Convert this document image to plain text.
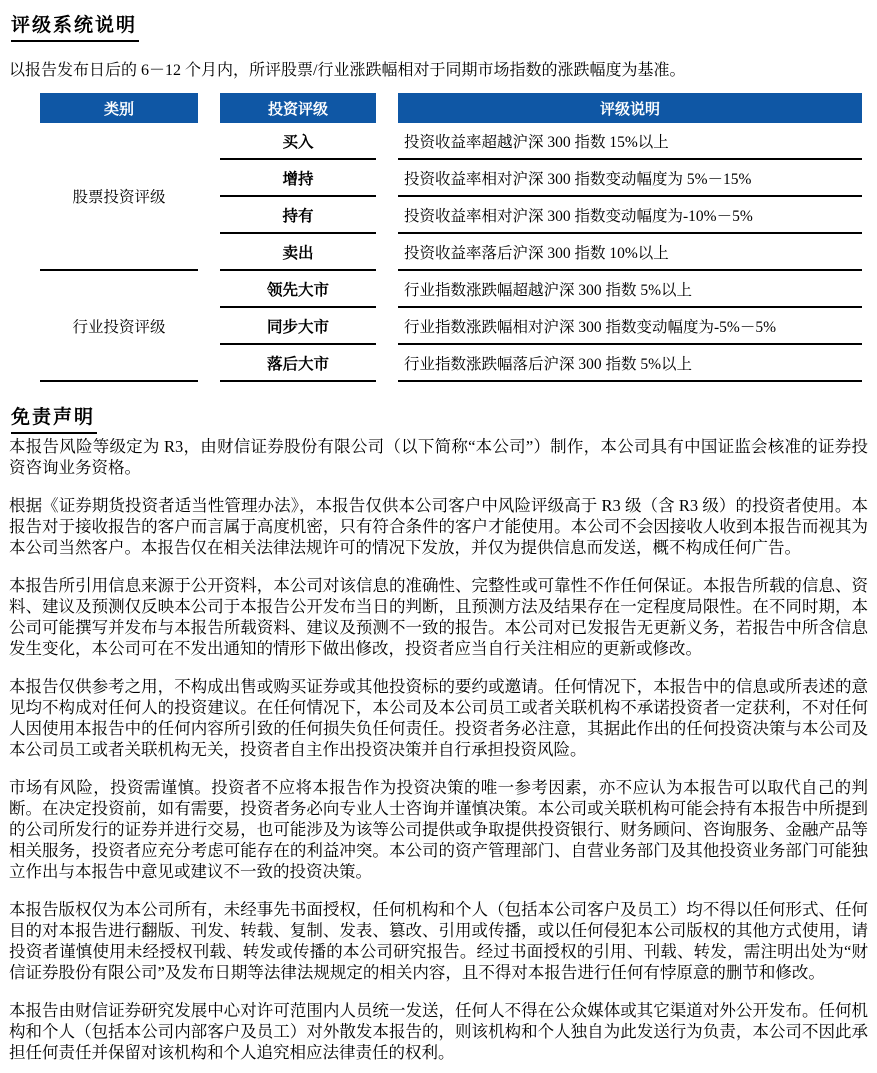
评级系统说明

以报告发布日后的 6－12 个月内，所评股票/行业涨跌幅相对于同期市场指数的涨跌幅度为基准。

类别		投资评级		评级说明
股票投资评级		买入		投资收益率超越沪深 300 指数 15%以上
		增持		投资收益率相对沪深 300 指数变动幅度为 5%－15%
		持有		投资收益率相对沪深 300 指数变动幅度为-10%－5%
		卖出		投资收益率落后沪深 300 指数 10%以上
行业投资评级		领先大市		行业指数涨跌幅超越沪深 300 指数 5%以上
		同步大市		行业指数涨跌幅相对沪深 300 指数变动幅度为-5%－5%
		落后大市		行业指数涨跌幅落后沪深 300 指数 5%以上
免责声明

本报告风险等级定为 R3，由财信证券股份有限公司（以下简称“本公司”）制作，本公司具有中国证监会核准的证券投资咨询业务资格。

根据《证券期货投资者适当性管理办法》，本报告仅供本公司客户中风险评级高于 R3 级（含 R3 级）的投资者使用。本报告对于接收报告的客户而言属于高度机密，只有符合条件的客户才能使用。本公司不会因接收人收到本报告而视其为本公司当然客户。本报告仅在相关法律法规许可的情况下发放，并仅为提供信息而发送，概不构成任何广告。

本报告所引用信息来源于公开资料，本公司对该信息的准确性、完整性或可靠性不作任何保证。本报告所载的信息、资料、建议及预测仅反映本公司于本报告公开发布当日的判断，且预测方法及结果存在一定程度局限性。在不同时期，本公司可能撰写并发布与本报告所载资料、建议及预测不一致的报告。本公司对已发报告无更新义务，若报告中所含信息发生变化，本公司可在不发出通知的情形下做出修改，投资者应当自行关注相应的更新或修改。

本报告仅供参考之用，不构成出售或购买证券或其他投资标的要约或邀请。任何情况下，本报告中的信息或所表述的意见均不构成对任何人的投资建议。在任何情况下，本公司及本公司员工或者关联机构不承诺投资者一定获利，不对任何人因使用本报告中的任何内容所引致的任何损失负任何责任。投资者务必注意，其据此作出的任何投资决策与本公司及本公司员工或者关联机构无关，投资者自主作出投资决策并自行承担投资风险。

市场有风险，投资需谨慎。投资者不应将本报告作为投资决策的唯一参考因素，亦不应认为本报告可以取代自己的判断。在决定投资前，如有需要，投资者务必向专业人士咨询并谨慎决策。本公司或关联机构可能会持有本报告中所提到的公司所发行的证券并进行交易，也可能涉及为该等公司提供或争取提供投资银行、财务顾问、咨询服务、金融产品等相关服务，投资者应充分考虑可能存在的利益冲突。本公司的资产管理部门、自营业务部门及其他投资业务部门可能独立作出与本报告中意见或建议不一致的投资决策。

本报告版权仅为本公司所有，未经事先书面授权，任何机构和个人（包括本公司客户及员工）均不得以任何形式、任何目的对本报告进行翻版、刊发、转载、复制、发表、篡改、引用或传播，或以任何侵犯本公司版权的其他方式使用，请投资者谨慎使用未经授权刊载、转发或传播的本公司研究报告。经过书面授权的引用、刊载、转发，需注明出处为“财信证券股份有限公司”及发布日期等法律法规规定的相关内容，且不得对本报告进行任何有悖原意的删节和修改。

本报告由财信证券研究发展中心对许可范围内人员统一发送，任何人不得在公众媒体或其它渠道对外公开发布。任何机构和个人（包括本公司内部客户及员工）对外散发本报告的，则该机构和个人独自为此发送行为负责，本公司不因此承担任何责任并保留对该机构和个人追究相应法律责任的权利。
